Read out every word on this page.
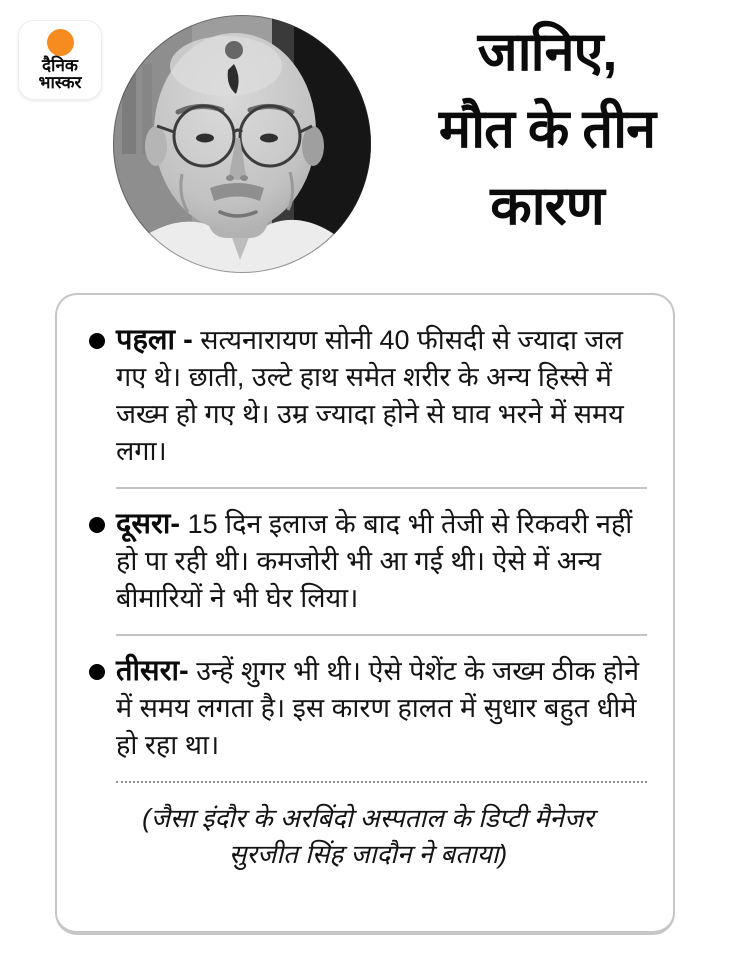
दैनिक
भास्कर
जानिए,
मौत के तीन
कारण
पहला - सत्यनारायण सोनी 40 फीसदी से ज्यादा जल गए थे। छाती, उल्टे हाथ समेत शरीर के अन्य हिस्से में जख्म हो गए थे। उम्र ज्यादा होने से घाव भरने में समय लगा।
दूसरा- 15 दिन इलाज के बाद भी तेजी से रिकवरी नहीं हो पा रही थी। कमजोरी भी आ गई थी। ऐसे में अन्य बीमारियों ने भी घेर लिया।
तीसरा- उन्हें शुगर भी थी। ऐसे पेशेंट के जख्म ठीक होने में समय लगता है। इस कारण हालत में सुधार बहुत धीमे हो रहा था।
(जैसा इंदौर के अरबिंदो अस्पताल के डिप्टी मैनेजर सुरजीत सिंह जादौन ने बताया)
